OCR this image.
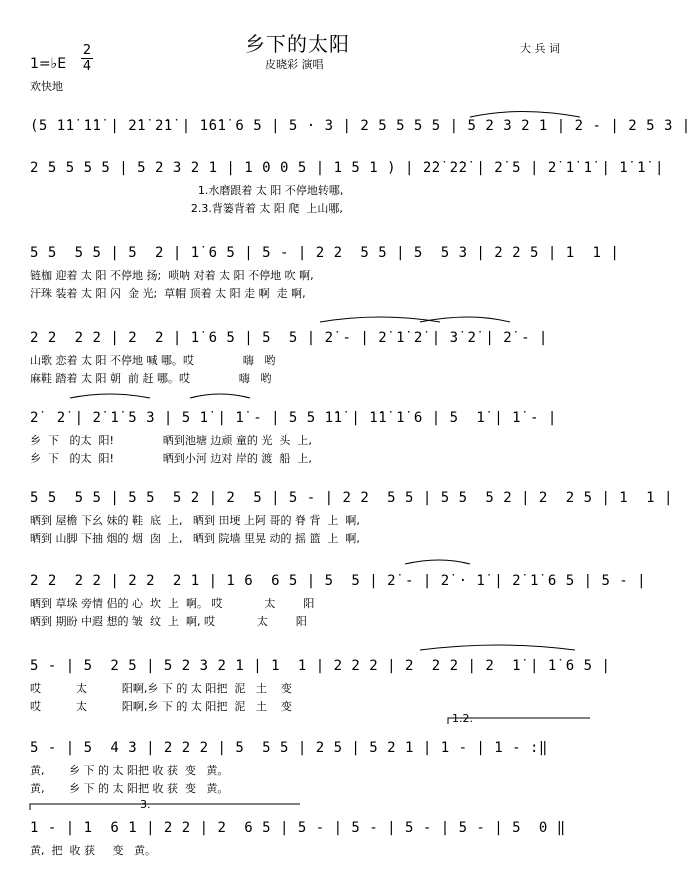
乡下的太阳	大 兵 词
1=♭E
2
4	皮晓彩 演唱
欢快地
(5 1̇1̇ 1̇1̇ | 2̇1̇ 2̇1̇ | 1̇6̇1̇ 6 5 | 5 · 3 | 2 5 5 5 5 | 5 2 3 2 1 | 2 - | 2 5 3 |
2 5 5 5 5 | 5 2 3 2 1 | 1 0 0 5 | 1 5 1 ) | 2̇2̇ 2̇2̇ | 2̇ 5 | 2̇ 1̇ 1̇ | 1̇ 1̇ |
1.水磨跟着 太 阳 不停地转哪,
2.3.背篓背着 太 阳 爬  上山哪,
5 5  5 5 | 5  2 | 1̇ 6 5 | 5 - | 2 2  5 5 | 5  5 3 | 2 2 5 | 1  1 |
链枷 迎着 太 阳 不停地 扬;  唢呐 对着 太 阳 不停地 吹 啊,
汗珠 装着 太 阳 闪  金 光;  草帽 顶着 太 阳 走 啊  走 啊,
2 2  2 2 | 2  2 | 1̇ 6 5 | 5  5 | 2̇ - | 2̇ 1̇ 2̇ | 3̇ 2̇ | 2̇ - |
山歌 恋着 太 阳 不停地 喊 哪。哎              嗨   哟
麻鞋 踏着 太 阳 朝  前 赶 哪。哎              嗨   哟
2̇  2̇ | 2̇ 1̇ 5 3 | 5 1̇ | 1̇ - | 5 5 1̇1̇ | 1̇1̇ 1̇ 6 | 5  1̇ | 1̇ - |
乡  下   的太  阳!              晒到池塘 边顽 童的 光  头  上,
乡  下   的太  阳!              晒到小河 边对 岸的 渡  船  上,
5 5  5 5 | 5 5  5 2 | 2  5 | 5 - | 2 2  5 5 | 5 5  5 2 | 2  2 5 | 1  1 |
晒到 屋檐 下幺 妹的 鞋  底  上,   晒到 田埂 上阿 哥的 脊 背  上  啊,
晒到 山脚 下抽 烟的 烟  囱  上,   晒到 院墙 里晃 动的 摇 篮  上  啊,
2 2  2 2 | 2 2  2 1 | 1 6  6 5 | 5  5 | 2̇ - | 2̇ · 1̇ | 2̇ 1̇ 6 5 | 5 - |
晒到 草垛 旁情 侣的 心  坎  上  啊。 哎            太        阳
晒到 期盼 中遐 想的 皱  纹  上  啊, 哎            太        阳
5 - | 5  2 5 | 5 2 3 2 1 | 1  1 | 2 2 2 | 2  2 2 | 2  1̇ | 1̇ 6 5 |
哎          太          阳啊,乡 下 的 太 阳把  泥   土    变
哎          太          阳啊,乡 下 的 太 阳把  泥   土    变
5 - | 5  4 3 | 2 2 2 | 5  5 5 | 2 5 | 5 2 1 | 1 - | 1 - :‖
黄,       乡 下 的 太 阳把 收 获  变   黄。
黄,       乡 下 的 太 阳把 收 获  变   黄。
1 - | 1  6 1 | 2 2 | 2  6 5 | 5 - | 5 - | 5 - | 5 - | 5  0 ‖
黄,  把  收 获     变   黄。
1.2.
3.
